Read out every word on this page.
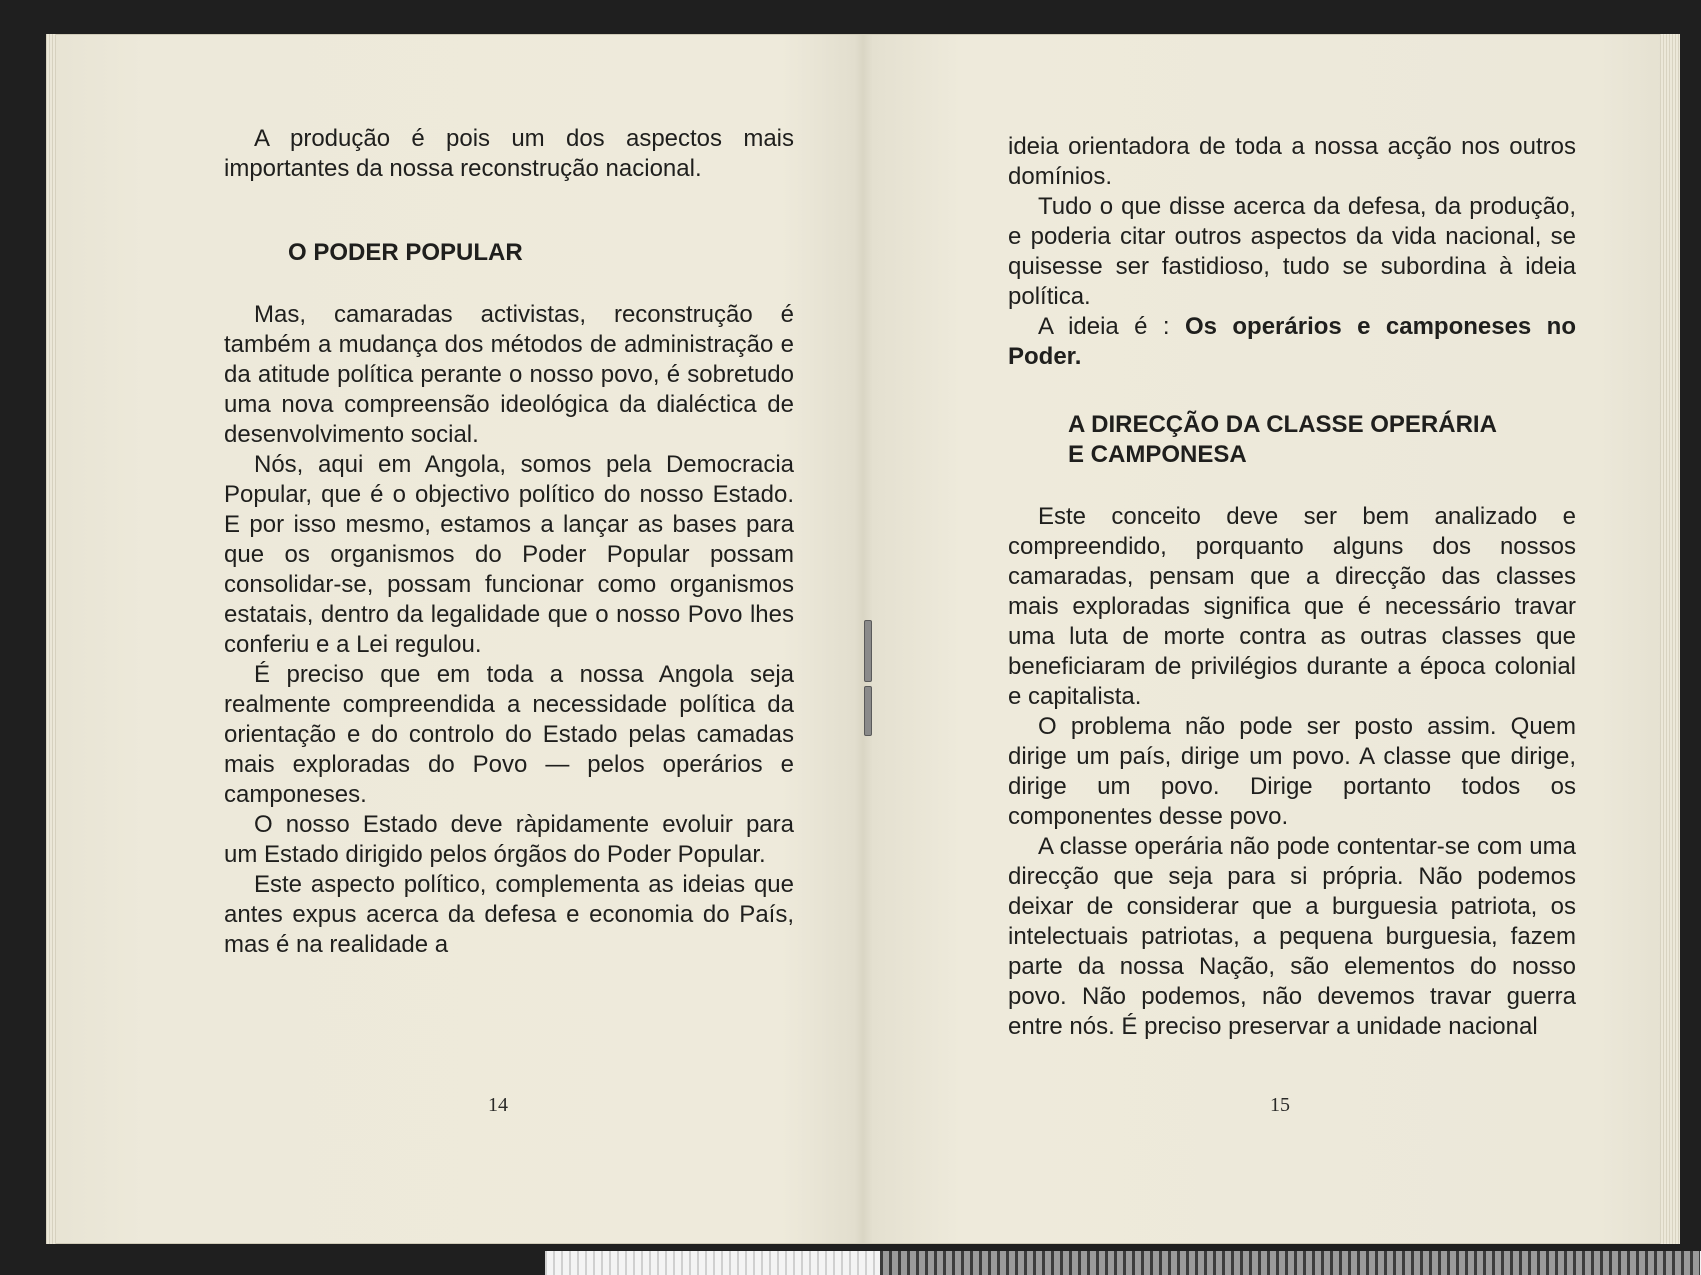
A produção é pois um dos aspectos mais importantes da nossa reconstrução nacional.

O PODER POPULAR

Mas, camaradas activistas, reconstrução é também a mudança dos métodos de administração e da atitude política perante o nosso povo, é sobretudo uma nova compreensão ideológica da dialéctica de desenvolvimento social.

Nós, aqui em Angola, somos pela Democracia Popular, que é o objectivo político do nosso Estado. E por isso mesmo, estamos a lançar as bases para que os organismos do Poder Popular possam consolidar-se, possam funcionar como organismos estatais, dentro da legalidade que o nosso Povo lhes conferiu e a Lei regulou.

É preciso que em toda a nossa Angola seja realmente compreendida a necessidade política da orientação e do controlo do Estado pelas camadas mais exploradas do Povo — pelos operários e camponeses.

O nosso Estado deve ràpidamente evoluir para um Estado dirigido pelos órgãos do Poder Popular.

Este aspecto político, complementa as ideias que antes expus acerca da defesa e economia do País, mas é na realidade a

14

ideia orientadora de toda a nossa acção nos outros domínios.

Tudo o que disse acerca da defesa, da produção, e poderia citar outros aspectos da vida nacional, se quisesse ser fastidioso, tudo se subordina à ideia política.

A ideia é : Os operários e camponeses no Poder.

A DIRECÇÃO DA CLASSE OPERÁRIA
E CAMPONESA

Este conceito deve ser bem analizado e compreendido, porquanto alguns dos nossos camaradas, pensam que a direcção das classes mais exploradas significa que é necessário travar uma luta de morte contra as outras classes que beneficiaram de privilégios durante a época colonial e capitalista.

O problema não pode ser posto assim. Quem dirige um país, dirige um povo. A classe que dirige, dirige um povo. Dirige portanto todos os componentes desse povo.

A classe operária não pode contentar-se com uma direcção que seja para si própria. Não podemos deixar de considerar que a burguesia patriota, os intelectuais patriotas, a pequena burguesia, fazem parte da nossa Nação, são elementos do nosso povo. Não podemos, não devemos travar guerra entre nós. É preciso preservar a unidade nacional

15
